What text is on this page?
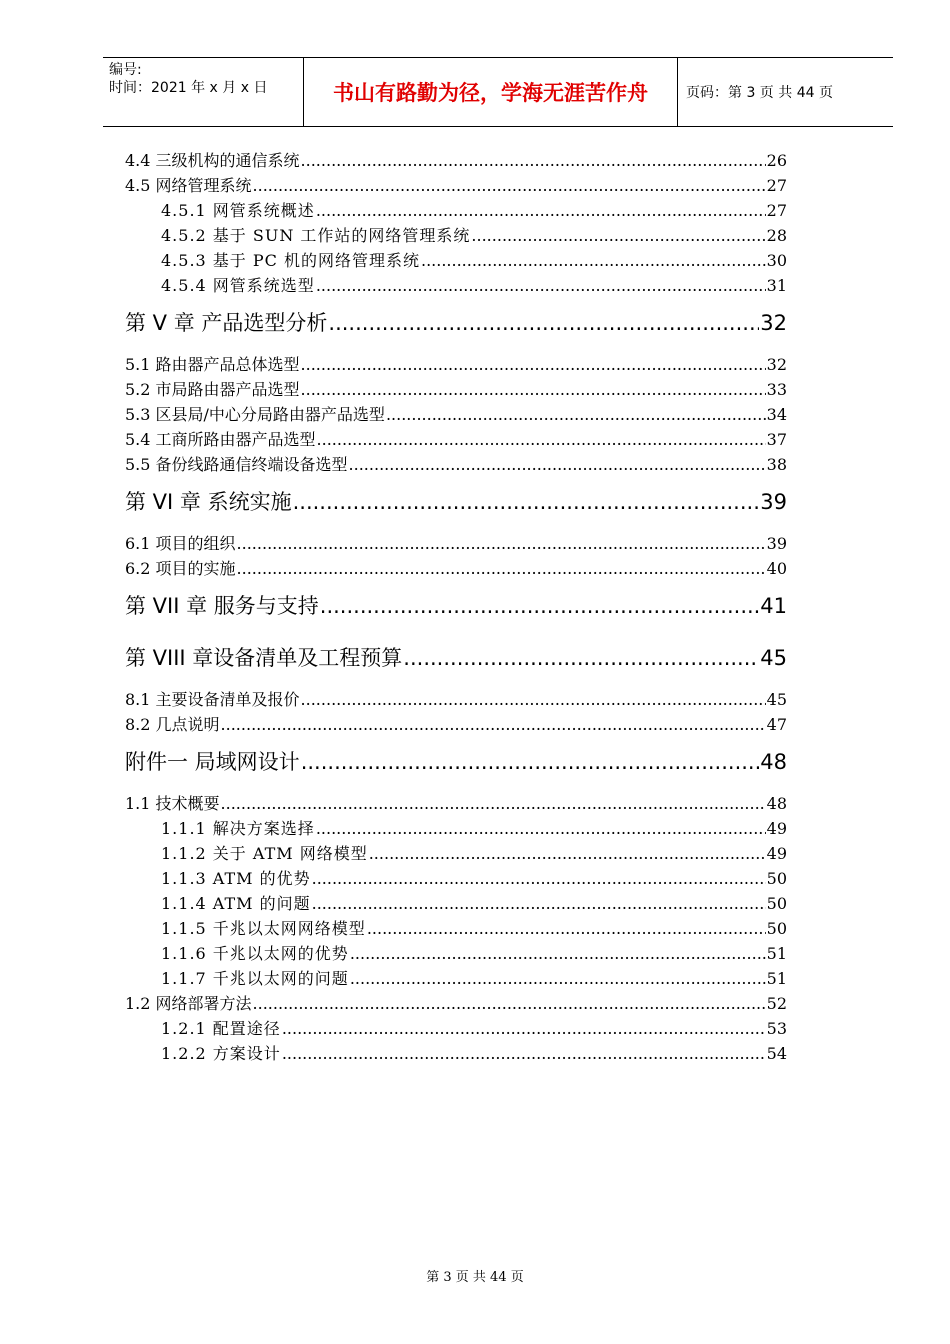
编号:
时间：2021 年 x 月 x 日	书山有路勤为径，学海无涯苦作舟	页码：第 3 页 共 44 页
4.4 三级机构的通信系统 .....	26
4.5 网络管理系统 .....	27
4.5.1 网管系统概述 .....	27
4.5.2 基于 SUN 工作站的网络管理系统 .....	28
4.5.3 基于 PC 机的网络管理系统 .....	30
4.5.4 网管系统选型 .....	31
第 V 章 产品选型分析 .....	32
5.1 路由器产品总体选型 .....	32
5.2 市局路由器产品选型 .....	33
5.3 区县局/中心分局路由器产品选型 .....	34
5.4 工商所路由器产品选型 .....	37
5.5 备份线路通信终端设备选型 .....	38
第 VI 章 系统实施 .....	39
6.1 项目的组织 .....	39
6.2 项目的实施 .....	40
第 VII 章 服务与支持 .....	41
第 VIII 章设备清单及工程预算 .....	45
8.1 主要设备清单及报价 .....	45
8.2 几点说明 .....	47
附件一 局域网设计 .....	48
1.1 技术概要 .....	48
1.1.1 解决方案选择 .....	49
1.1.2 关于 ATM 网络模型 .....	49
1.1.3 ATM 的优势 .....	50
1.1.4 ATM 的问题 .....	50
1.1.5 千兆以太网网络模型 .....	50
1.1.6 千兆以太网的优势 .....	51
1.1.7 千兆以太网的问题 .....	51
1.2 网络部署方法 .....	52
1.2.1 配置途径 .....	53
1.2.2 方案设计 .....	54
第 3 页 共 44 页
